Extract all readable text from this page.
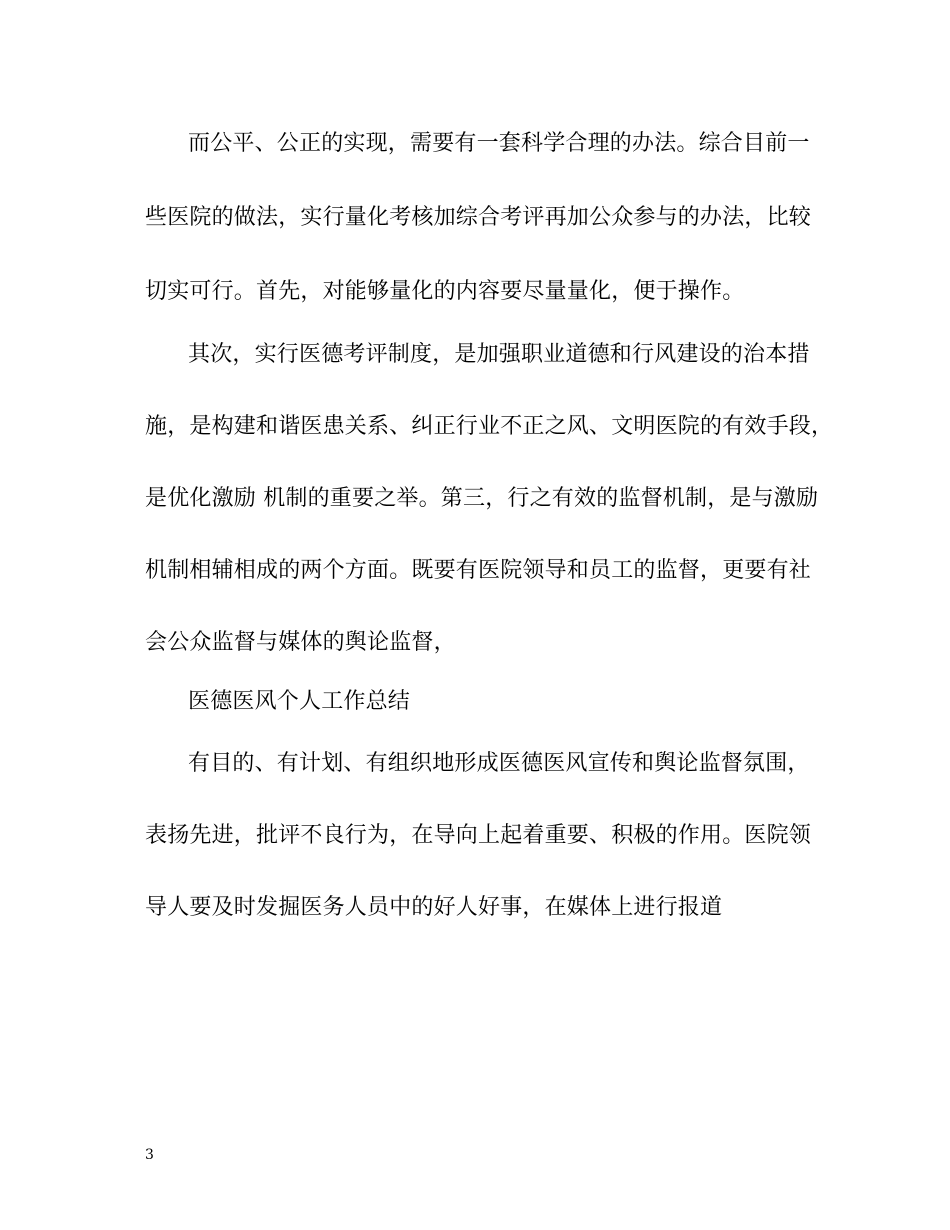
而公平、公正的实现，需要有一套科学合理的办法。综合目前一
些医院的做法，实行量化考核加综合考评再加公众参与的办法，比较
切实可行。首先，对能够量化的内容要尽量量化，便于操作。
其次，实行医德考评制度，是加强职业道德和行风建设的治本措
施，是构建和谐医患关系、纠正行业不正之风、文明医院的有效手段，
是优化激励 机制的重要之举。第三，行之有效的监督机制，是与激励
机制相辅相成的两个方面。既要有医院领导和员工的监督，更要有社
会公众监督与媒体的舆论监督，
医德医风个人工作总结
有目的、有计划、有组织地形成医德医风宣传和舆论监督氛围，
表扬先进，批评不良行为，在导向上起着重要、积极的作用。医院领
导人要及时发掘医务人员中的好人好事，在媒体上进行报道
3
